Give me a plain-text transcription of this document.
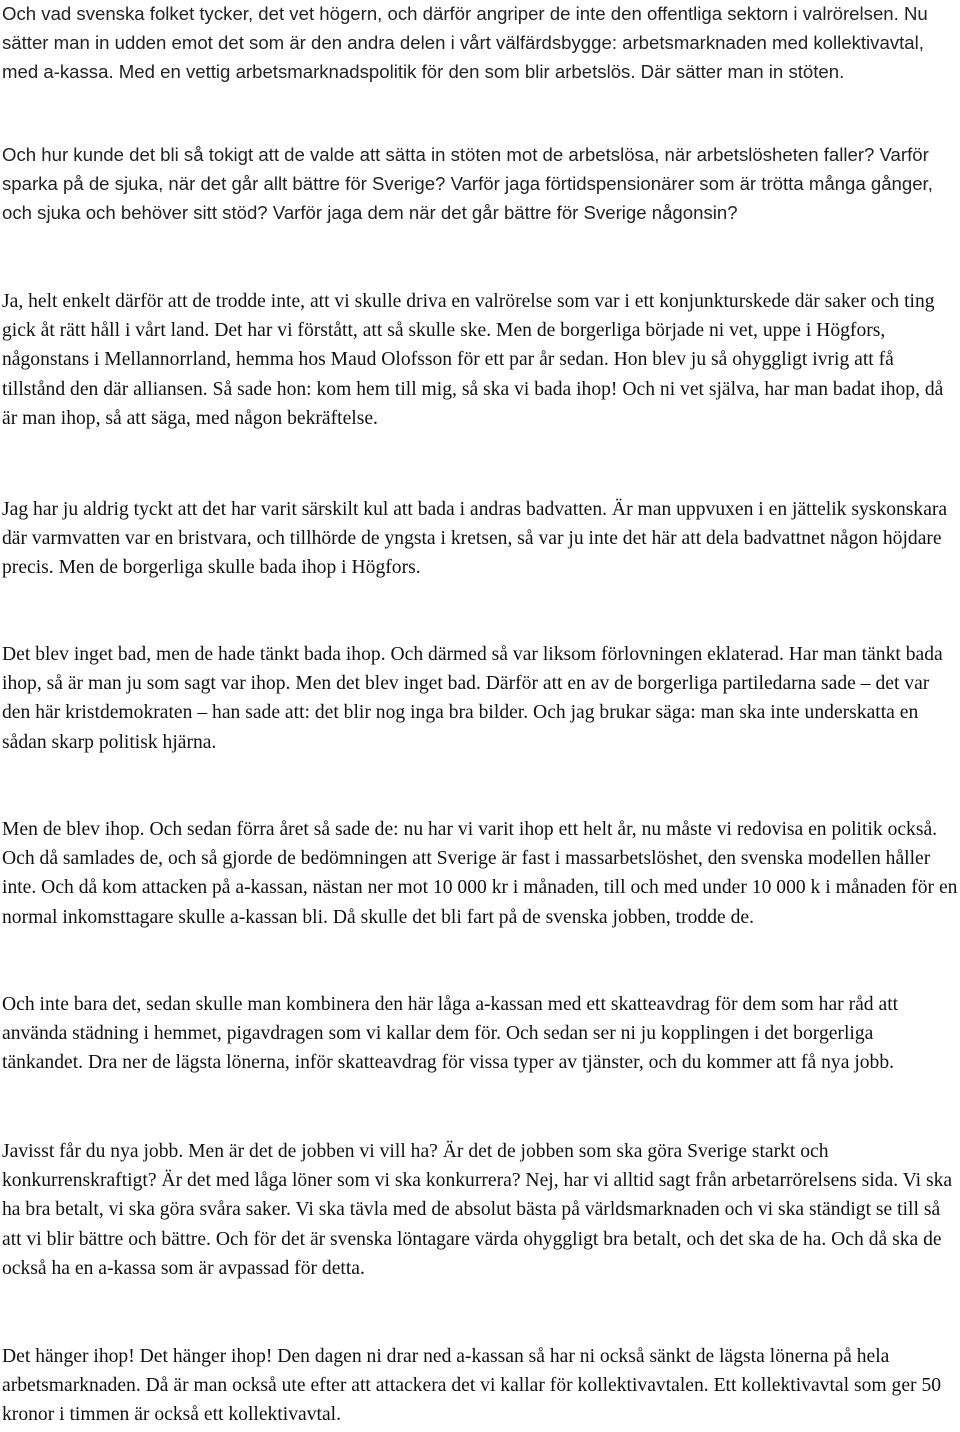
Och vad svenska folket tycker, det vet högern, och därför angriper de inte den offentliga sektorn i valrörelsen. Nu sätter man in udden emot det som är den andra delen i vårt välfärdsbygge: arbetsmarknaden med kollektivavtal, med a-kassa. Med en vettig arbetsmarknadspolitik för den som blir arbetslös. Där sätter man in stöten.

Och hur kunde det bli så tokigt att de valde att sätta in stöten mot de arbetslösa, när arbetslösheten faller? Varför sparka på de sjuka, när det går allt bättre för Sverige? Varför jaga förtidspensionärer som är trötta många gånger, och sjuka och behöver sitt stöd? Varför jaga dem när det går bättre för Sverige någonsin?

Ja, helt enkelt därför att de trodde inte, att vi skulle driva en valrörelse som var i ett konjunkturskede där saker och ting gick åt rätt håll i vårt land. Det har vi förstått, att så skulle ske. Men de borgerliga började ni vet, uppe i Högfors, någonstans i Mellannorrland, hemma hos Maud Olofsson för ett par år sedan. Hon blev ju så ohyggligt ivrig att få tillstånd den där alliansen. Så sade hon: kom hem till mig, så ska vi bada ihop! Och ni vet själva, har man badat ihop, då är man ihop, så att säga, med någon bekräftelse.

Jag har ju aldrig tyckt att det har varit särskilt kul att bada i andras badvatten. Är man uppvuxen i en jättelik syskonskara där varmvatten var en bristvara, och tillhörde de yngsta i kretsen, så var ju inte det här att dela badvattnet någon höjdare precis. Men de borgerliga skulle bada ihop i Högfors.

Det blev inget bad, men de hade tänkt bada ihop. Och därmed så var liksom förlovningen eklaterad. Har man tänkt bada ihop, så är man ju som sagt var ihop. Men det blev inget bad. Därför att en av de borgerliga partiledarna sade – det var den här kristdemokraten – han sade att: det blir nog inga bra bilder. Och jag brukar säga: man ska inte underskatta en sådan skarp politisk hjärna.

Men de blev ihop. Och sedan förra året så sade de: nu har vi varit ihop ett helt år, nu måste vi redovisa en politik också. Och då samlades de, och så gjorde de bedömningen att Sverige är fast i massarbetslöshet, den svenska modellen håller inte. Och då kom attacken på a-kassan, nästan ner mot 10 000 kr i månaden, till och med under 10 000 k i månaden för en normal inkomsttagare skulle a-kassan bli. Då skulle det bli fart på de svenska jobben, trodde de.

Och inte bara det, sedan skulle man kombinera den här låga a-kassan med ett skatteavdrag för dem som har råd att använda städning i hemmet, pigavdragen som vi kallar dem för. Och sedan ser ni ju kopplingen i det borgerliga tänkandet. Dra ner de lägsta lönerna, inför skatteavdrag för vissa typer av tjänster, och du kommer att få nya jobb.

Javisst får du nya jobb. Men är det de jobben vi vill ha? Är det de jobben som ska göra Sverige starkt och konkurrenskraftigt? Är det med låga löner som vi ska konkurrera? Nej, har vi alltid sagt från arbetarrörelsens sida. Vi ska ha bra betalt, vi ska göra svåra saker. Vi ska tävla med de absolut bästa på världsmarknaden och vi ska ständigt se till så att vi blir bättre och bättre. Och för det är svenska löntagare värda ohyggligt bra betalt, och det ska de ha. Och då ska de också ha en a-kassa som är avpassad för detta.

Det hänger ihop! Det hänger ihop! Den dagen ni drar ned a-kassan så har ni också sänkt de lägsta lönerna på hela arbetsmarknaden. Då är man också ute efter att attackera det vi kallar för kollektivavtalen. Ett kollektivavtal som ger 50 kronor i timmen är också ett kollektivavtal.
